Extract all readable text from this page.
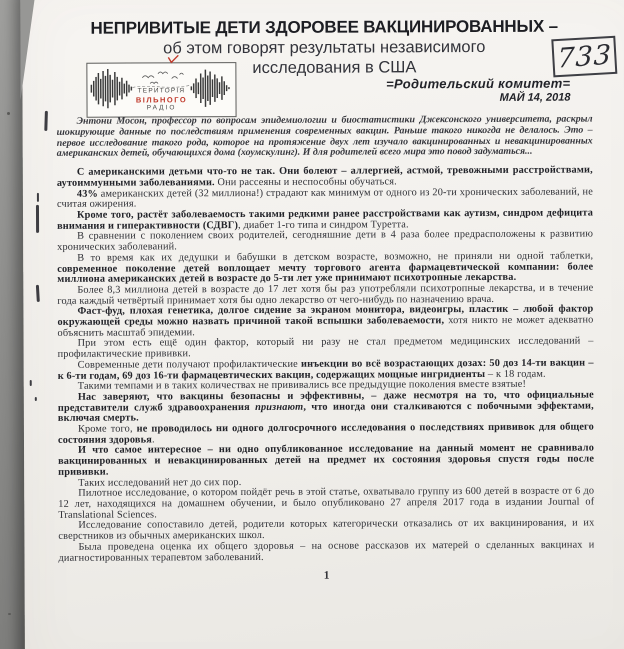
ТЕРИТОРІЯ
ВІЛЬНОГО
РАДІО
733
=Родительский комитет=
МАЙ 14, 2018
НЕПРИВИТЫЕ ДЕТИ ЗДОРОВЕЕ ВАКЦИНИРОВАННЫХ –
об этом говорят результаты независимого
исследования в США

Энтони Мосон, профессор по вопросам эпидемиологии и биостатистики Джексонского университета, раскрыл шокирующие данные по последствиям применения современных вакцин. Раньше такого никогда не делалось. Это – первое исследование такого рода, которое на протяжение двух лет изучало вакцинированных и невакцинированных американских детей, обучающихся дома (хоумскулинг). И для родителей всего мира это повод задуматься...

С американскими детьми что-то не так. Они болеют – аллергией, астмой, тревожными расстройствами, аутоиммунными заболеваниями. Они рассеяны и неспособны обучаться.

43% американских детей (32 миллиона!) страдают как минимум от одного из 20-ти хронических заболеваний, не считая ожирения.

Кроме того, растёт заболеваемость такими редкими ранее расстройствами как аутизм, синдром дефицита внимания и гиперактивности (СДВГ), диабет 1-го типа и синдром Туретта.

В сравнении с поколением своих родителей, сегодняшние дети в 4 раза более предрасположены к развитию хронических заболеваний.

В то время как их дедушки и бабушки в детском возрасте, возможно, не приняли ни одной таблетки, современное поколение детей воплощает мечту торгового агента фармацевтической компании: более миллиона американских детей в возрасте до 5-ти лет уже принимают психотропные лекарства.

Более 8,3 миллиона детей в возрасте до 17 лет хотя бы раз употребляли психотропные лекарства, и в течение года каждый четвёртый принимает хотя бы одно лекарство от чего-нибудь по назначению врача.

Фаст-фуд, плохая генетика, долгое сидение за экраном монитора, видеоигры, пластик – любой фактор окружающей среды можно назвать причиной такой вспышки заболеваемости, хотя никто не может адекватно объяснить масштаб эпидемии.

При этом есть ещё один фактор, который ни разу не стал предметом медицинских исследований – профилактические прививки.

Современные дети получают профилактические инъекции во всё возрастающих дозах: 50 доз 14-ти вакцин – к 6-ти годам, 69 доз 16-ти фармацевтических вакцин, содержащих мощные ингридиенты – к 18 годам.

Такими темпами и в таких количествах не прививались все предыдущие поколения вместе взятые!

Нас заверяют, что вакцины безопасны и эффективны, – даже несмотря на то, что официальные представители служб здравоохранения признают, что иногда они сталкиваются с побочными эффектами, включая смерть.

Кроме того, не проводилось ни одного долгосрочного исследования о последствиях прививок для общего состояния здоровья.

И что самое интересное – ни одно опубликованное исследование на данный момент не сравнивало вакцинированных и невакцинированных детей на предмет их состояния здоровья спустя годы после прививки.

Таких исследований нет до сих пор.

Пилотное исследование, о котором пойдёт речь в этой статье, охватывало группу из 600 детей в возрасте от 6 до 12 лет, находящихся на домашнем обучении, и было опубликовано 27 апреля 2017 года в издании Journal of Translational Sciences.

Исследование сопоставило детей, родители которых категорически отказались от их вакцинирования, и их сверстников из обычных американских школ.

Была проведена оценка их общего здоровья – на основе рассказов их матерей о сделанных вакцинах и диагностированных терапевтом заболеваний.

1
